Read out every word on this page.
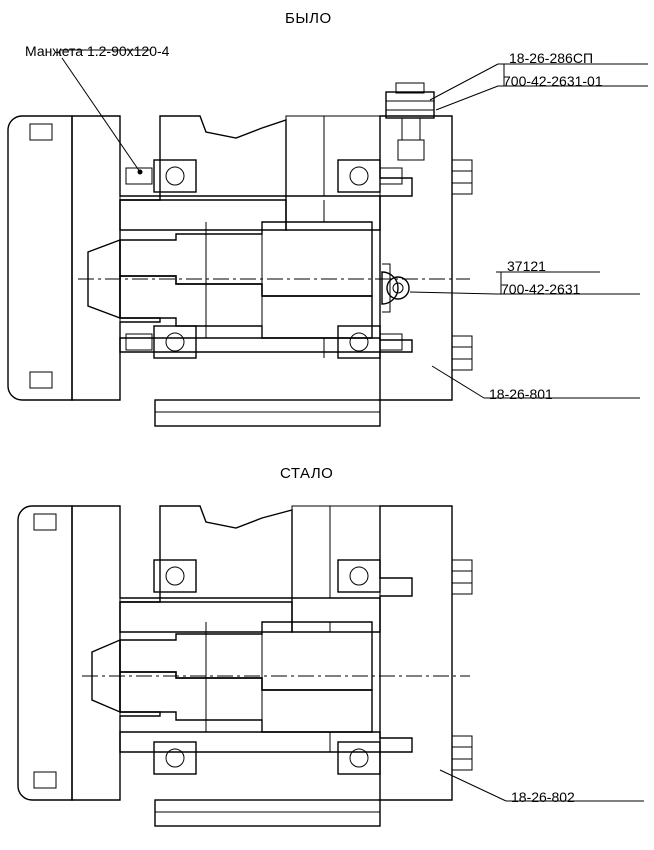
БЫЛО
СТАЛО
Манжета 1.2-90х120-4	18-26-286СП
700-42-2631-01
37121
700-42-2631
18-26-801
18-26-802
